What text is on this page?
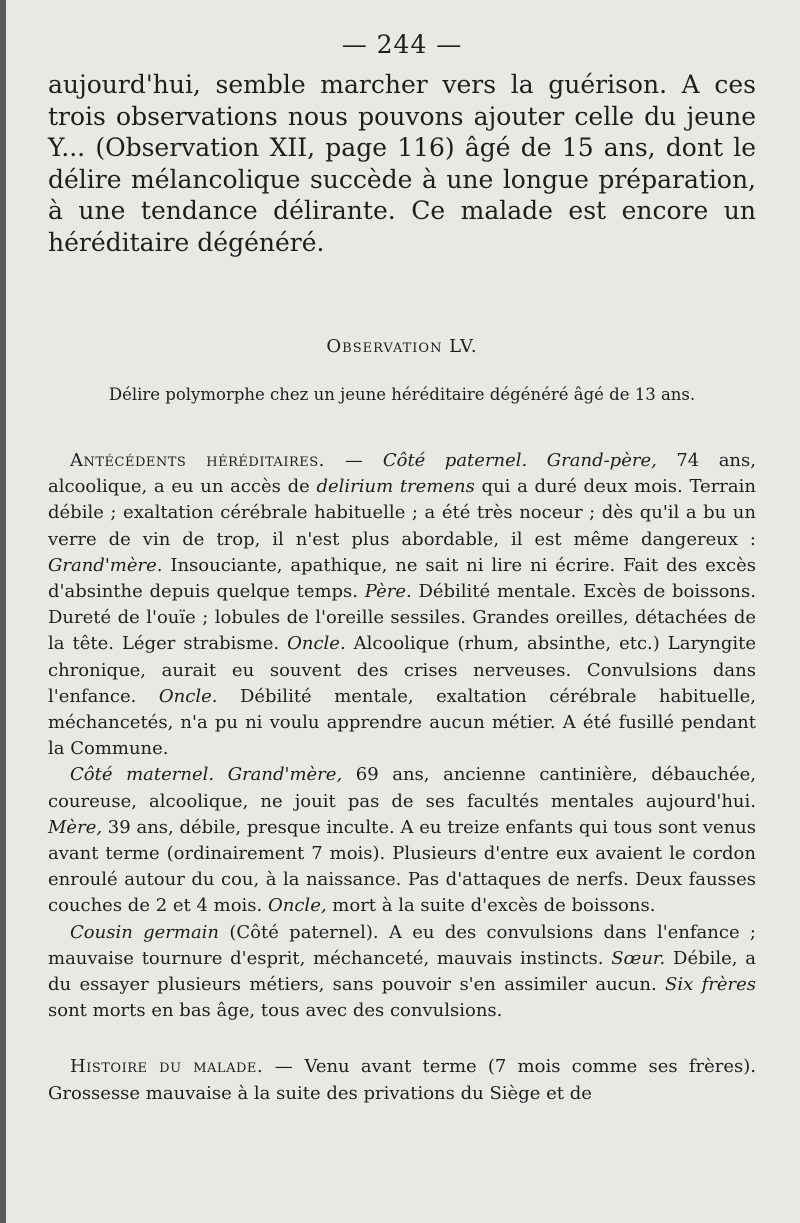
— 244 —

aujourd'hui, semble marcher vers la guérison. A ces trois observations nous pouvons ajouter celle du jeune Y... (Observation XII, page 116) âgé de 15 ans, dont le délire mélancolique succède à une longue préparation, à une tendance délirante. Ce malade est encore un héréditaire dégénéré.

Observation LV.
Délire polymorphe chez un jeune héréditaire dégénéré âgé de 13 ans.

Antécédents héréditaires. — Côté paternel. Grand-père, 74 ans, alcoolique, a eu un accès de delirium tremens qui a duré deux mois. Terrain débile ; exaltation cérébrale habituelle ; a été très noceur ; dès qu'il a bu un verre de vin de trop, il n'est plus abordable, il est même dangereux : Grand'mère. Insouciante, apathique, ne sait ni lire ni écrire. Fait des excès d'absinthe depuis quelque temps. Père. Débilité mentale. Excès de boissons. Dureté de l'ouïe ; lobules de l'oreille sessiles. Grandes oreilles, détachées de la tête. Léger strabisme. Oncle. Alcoolique (rhum, absinthe, etc.) Laryngite chronique, aurait eu souvent des crises nerveuses. Convulsions dans l'enfance. Oncle. Débilité mentale, exaltation cérébrale habituelle, méchancetés, n'a pu ni voulu apprendre aucun métier. A été fusillé pendant la Commune.

Côté maternel. Grand'mère, 69 ans, ancienne cantinière, débauchée, coureuse, alcoolique, ne jouit pas de ses facultés mentales aujourd'hui. Mère, 39 ans, débile, presque inculte. A eu treize enfants qui tous sont venus avant terme (ordinairement 7 mois). Plusieurs d'entre eux avaient le cordon enroulé autour du cou, à la naissance. Pas d'attaques de nerfs. Deux fausses couches de 2 et 4 mois. Oncle, mort à la suite d'excès de boissons.

Cousin germain (Côté paternel). A eu des convulsions dans l'enfance ; mauvaise tournure d'esprit, méchanceté, mauvais instincts. Sœur. Débile, a du essayer plusieurs métiers, sans pouvoir s'en assimiler aucun. Six frères sont morts en bas âge, tous avec des convulsions.

Histoire du malade. — Venu avant terme (7 mois comme ses frères). Grossesse mauvaise à la suite des privations du Siège et de
